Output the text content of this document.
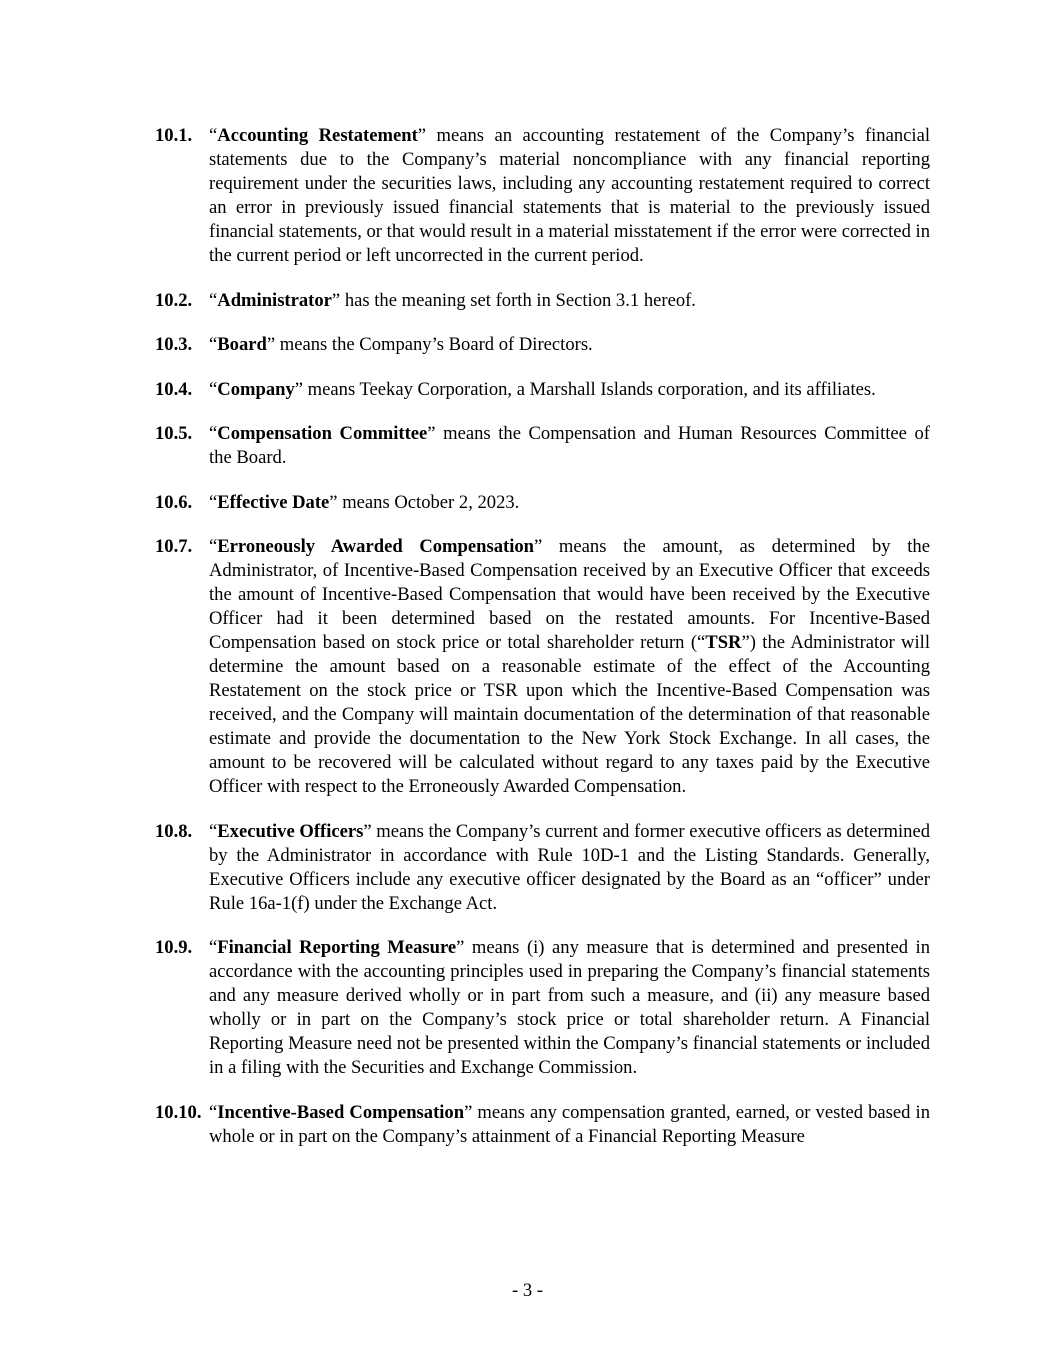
10.1. “Accounting Restatement” means an accounting restatement of the Company’s financial statements due to the Company’s material noncompliance with any financial reporting requirement under the securities laws, including any accounting restatement required to correct an error in previously issued financial statements that is material to the previously issued financial statements, or that would result in a material misstatement if the error were corrected in the current period or left uncorrected in the current period.
10.2. “Administrator” has the meaning set forth in Section 3.1 hereof.
10.3. “Board” means the Company’s Board of Directors.
10.4. “Company” means Teekay Corporation, a Marshall Islands corporation, and its affiliates.
10.5. “Compensation Committee” means the Compensation and Human Resources Committee of the Board.
10.6. “Effective Date” means October 2, 2023.
10.7. “Erroneously Awarded Compensation” means the amount, as determined by the Administrator, of Incentive-Based Compensation received by an Executive Officer that exceeds the amount of Incentive-Based Compensation that would have been received by the Executive Officer had it been determined based on the restated amounts. For Incentive-Based Compensation based on stock price or total shareholder return (“TSR”) the Administrator will determine the amount based on a reasonable estimate of the effect of the Accounting Restatement on the stock price or TSR upon which the Incentive-Based Compensation was received, and the Company will maintain documentation of the determination of that reasonable estimate and provide the documentation to the New York Stock Exchange. In all cases, the amount to be recovered will be calculated without regard to any taxes paid by the Executive Officer with respect to the Erroneously Awarded Compensation.
10.8. “Executive Officers” means the Company’s current and former executive officers as determined by the Administrator in accordance with Rule 10D-1 and the Listing Standards. Generally, Executive Officers include any executive officer designated by the Board as an “officer” under Rule 16a-1(f) under the Exchange Act.
10.9. “Financial Reporting Measure” means (i) any measure that is determined and presented in accordance with the accounting principles used in preparing the Company’s financial statements and any measure derived wholly or in part from such a measure, and (ii) any measure based wholly or in part on the Company’s stock price or total shareholder return. A Financial Reporting Measure need not be presented within the Company’s financial statements or included in a filing with the Securities and Exchange Commission.
10.10. “Incentive-Based Compensation” means any compensation granted, earned, or vested based in whole or in part on the Company’s attainment of a Financial Reporting Measure
- 3 -
